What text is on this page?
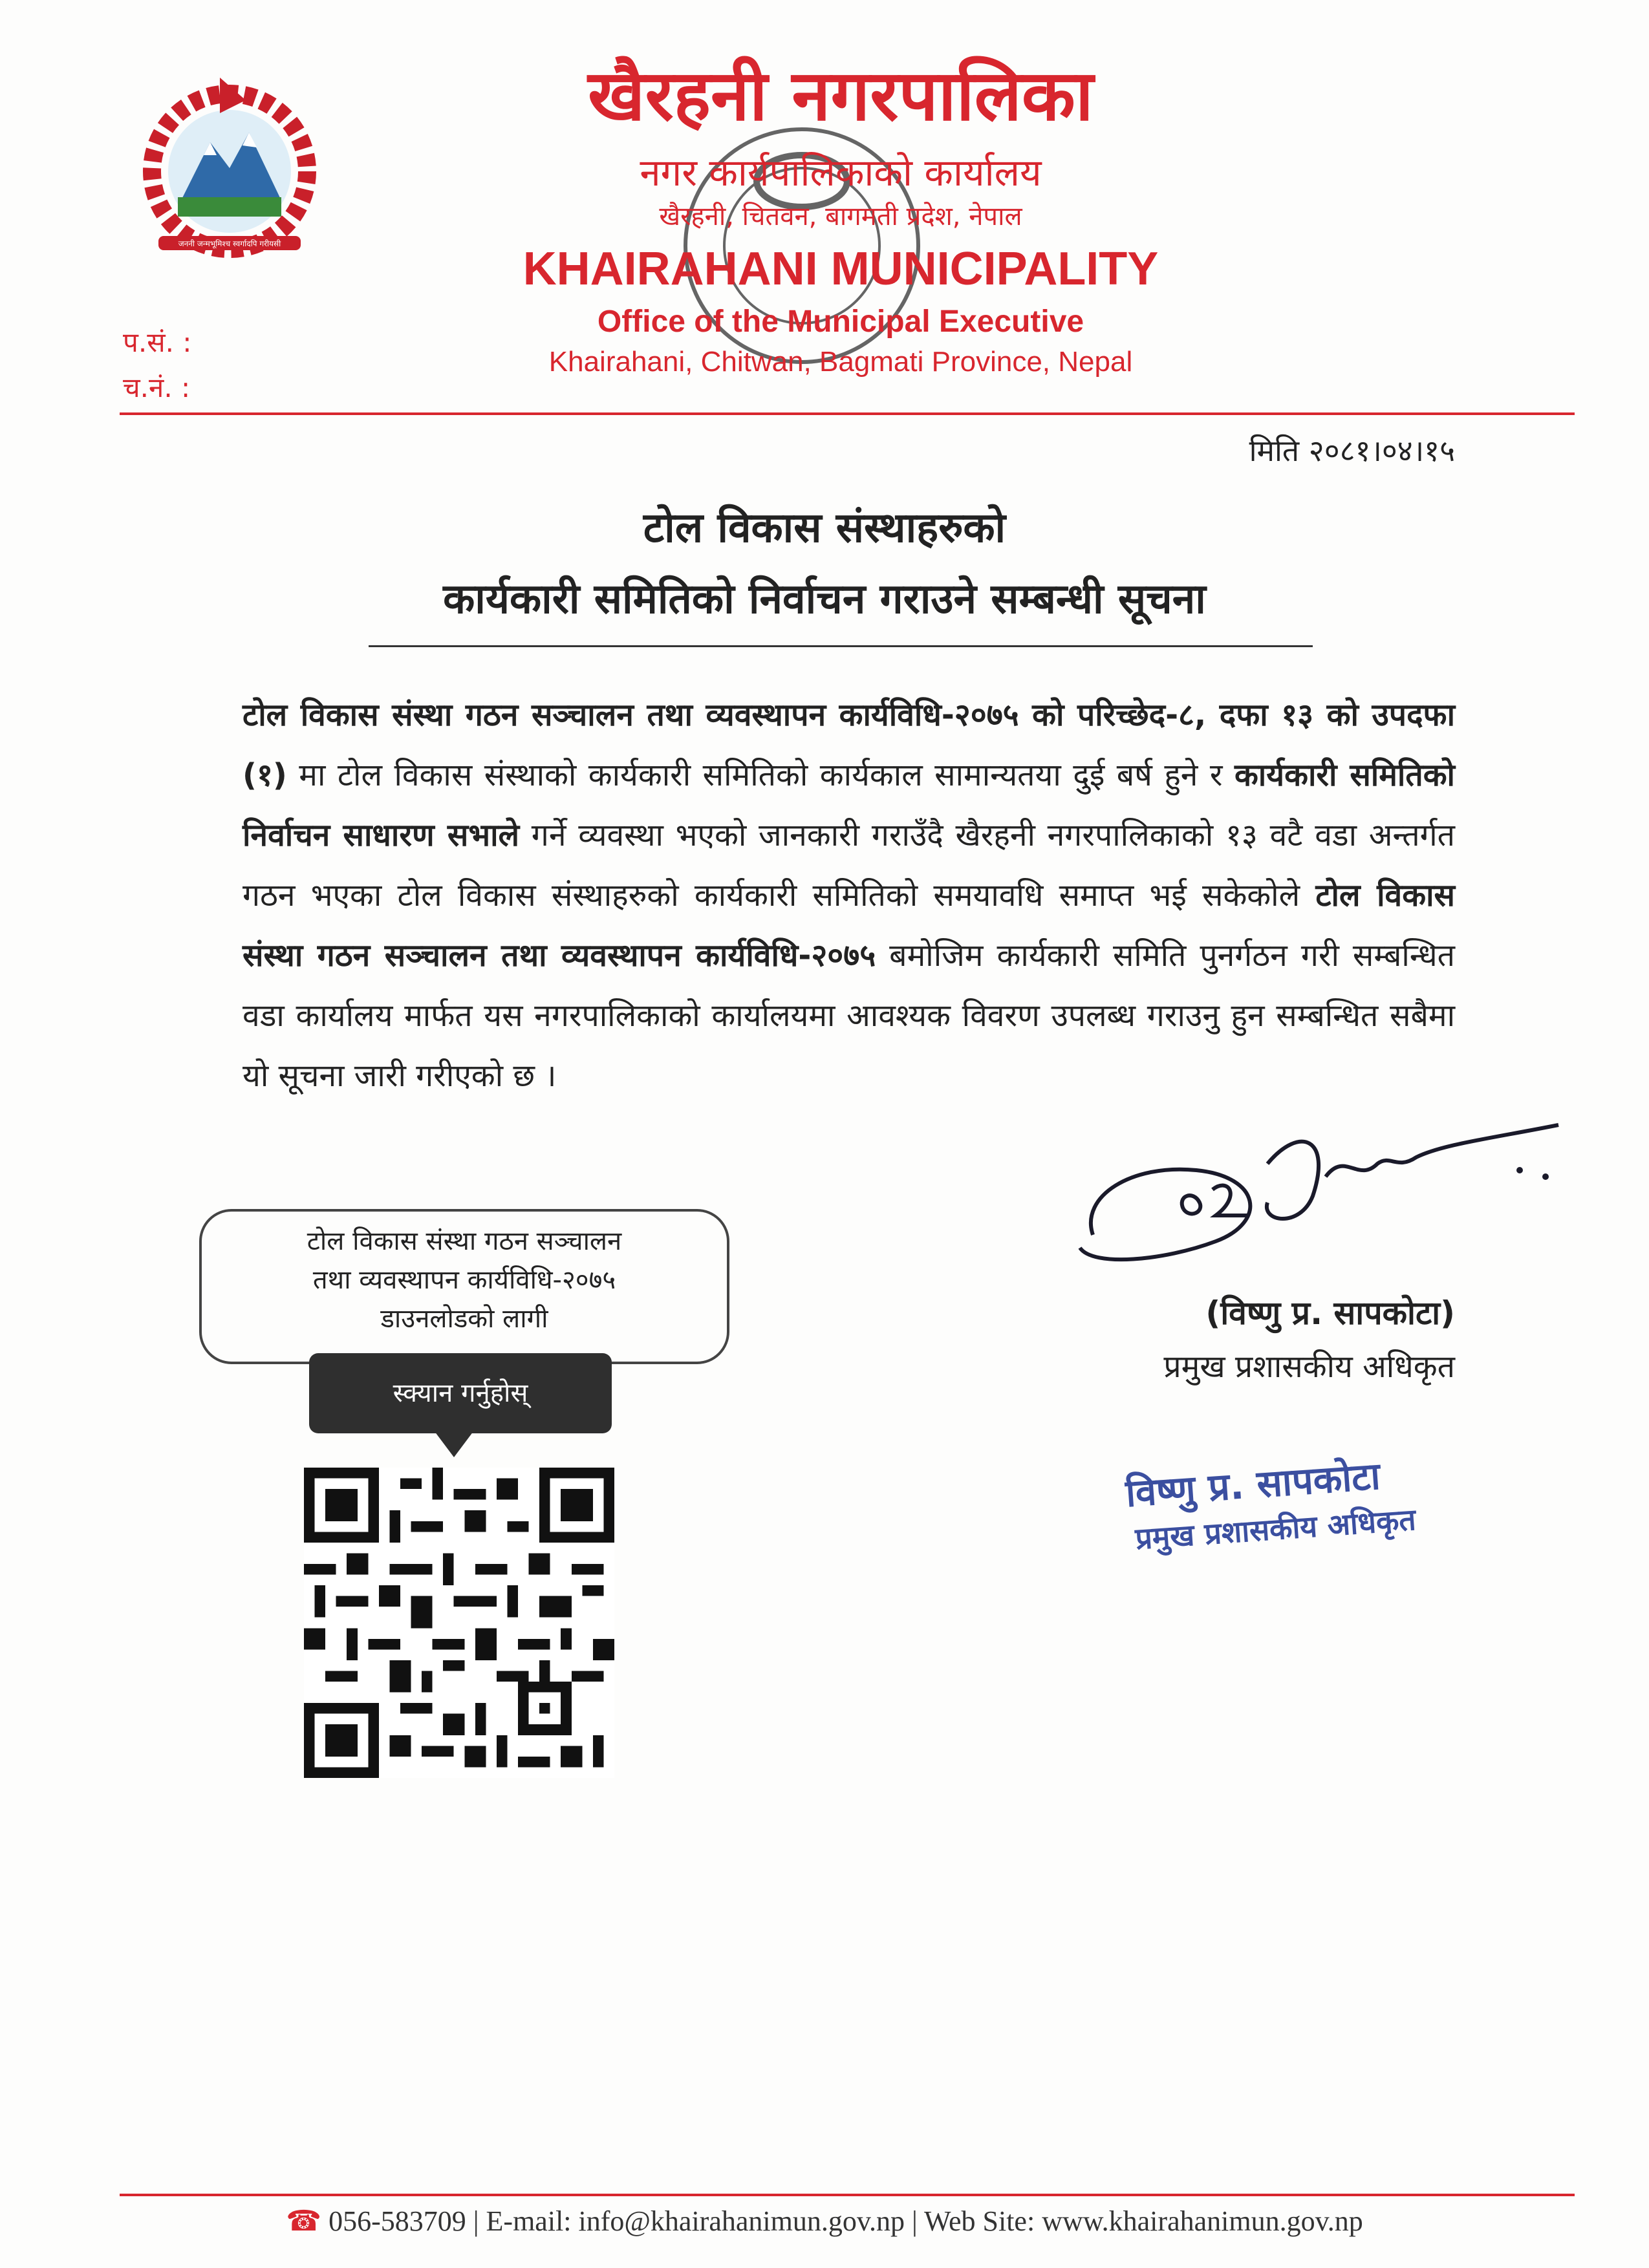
जननी जन्मभूमिश्च स्वर्गादपि गरीयसी
खैरहनी नगरपालिका
नगर कार्यपालिकाको कार्यालय
खैरहनी, चितवन, बागमती प्रदेश, नेपाल
KHAIRAHANI MUNICIPALITY
Office of the Municipal Executive
Khairahani, Chitwan, Bagmati Province, Nepal
प.सं. :
च.नं. :
मिति २०८१।०४।१५
टोल विकास संस्थाहरुको
कार्यकारी समितिको निर्वाचन गराउने सम्बन्धी सूचना
टोल विकास संस्था गठन सञ्चालन तथा व्यवस्थापन कार्यविधि-२०७५ को परिच्छेद-८, दफा १३ को उपदफा (१) मा टोल विकास संस्थाको कार्यकारी समितिको कार्यकाल सामान्यतया दुई बर्ष हुने र कार्यकारी समितिको निर्वाचन साधारण सभाले गर्ने व्यवस्था भएको जानकारी गराउँदै खैरहनी नगरपालिकाको १३ वटै वडा अन्तर्गत गठन भएका टोल विकास संस्थाहरुको कार्यकारी समितिको समयावधि समाप्त भई सकेकोले टोल विकास संस्था गठन सञ्चालन तथा व्यवस्थापन कार्यविधि-२०७५ बमोजिम कार्यकारी समिति पुनर्गठन गरी सम्बन्धित वडा कार्यालय मार्फत यस नगरपालिकाको कार्यालयमा आवश्यक विवरण उपलब्ध गराउनु हुन सम्बन्धित सबैमा यो सूचना जारी गरीएको छ ।
टोल विकास संस्था गठन सञ्चालन
तथा व्यवस्थापन कार्यविधि-२०७५
डाउनलोडको लागी
स्क्यान गर्नुहोस्
(विष्णु प्र. सापकोटा)
प्रमुख प्रशासकीय अधिकृत
विष्णु प्र. सापकोटा
प्रमुख प्रशासकीय अधिकृत
☎ 056-583709 | E-mail: info@khairahanimun.gov.np | Web Site: www.khairahanimun.gov.np
